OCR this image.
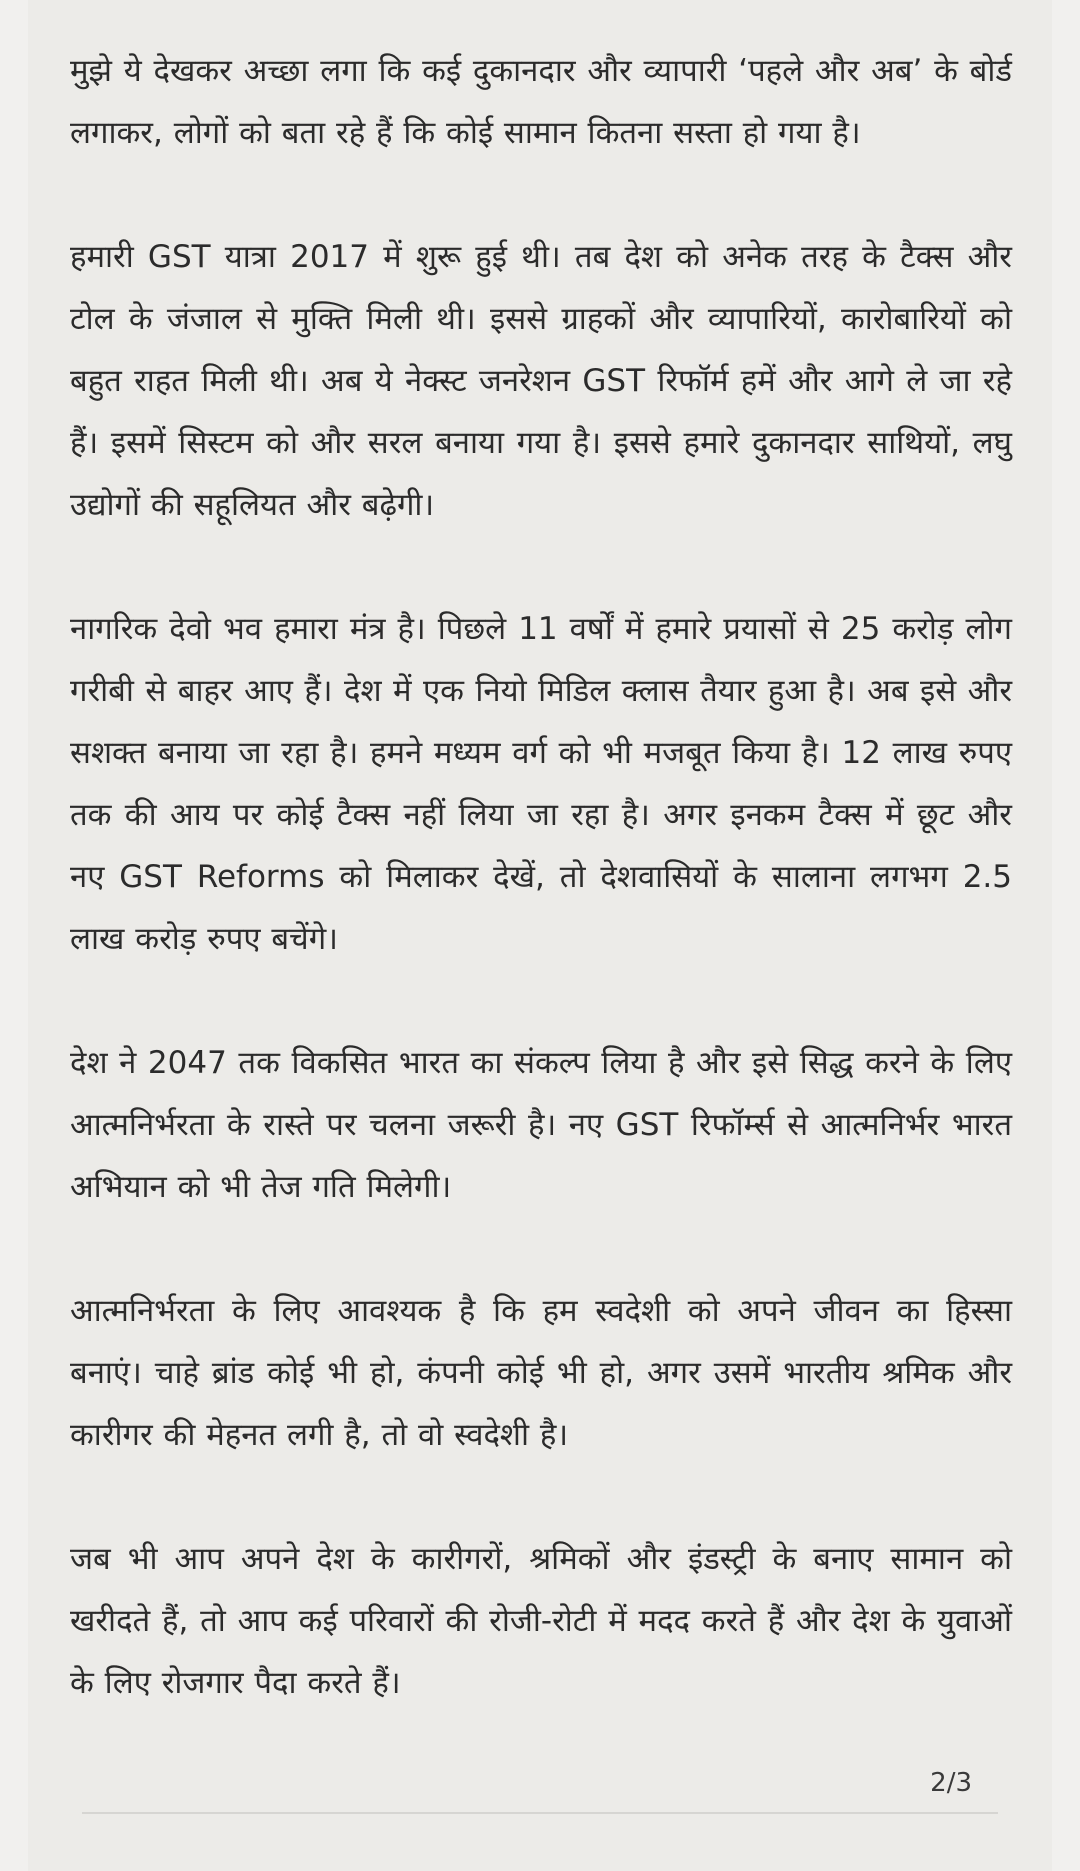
मुझे ये देखकर अच्छा लगा कि कई दुकानदार और व्यापारी ‘पहले और अब’ के बोर्ड लगाकर, लोगों को बता रहे हैं कि कोई सामान कितना सस्ता हो गया है।

हमारी GST यात्रा 2017 में शुरू हुई थी। तब देश को अनेक तरह के टैक्स और टोल के जंजाल से मुक्ति मिली थी। इससे ग्राहकों और व्यापारियों, कारोबारियों को बहुत राहत मिली थी। अब ये नेक्स्ट जनरेशन GST रिफॉर्म हमें और आगे ले जा रहे हैं। इसमें सिस्टम को और सरल बनाया गया है। इससे हमारे दुकानदार साथियों, लघु उद्योगों की सहूलियत और बढ़ेगी।

नागरिक देवो भव हमारा मंत्र है। पिछले 11 वर्षों में हमारे प्रयासों से 25 करोड़ लोग गरीबी से बाहर आए हैं। देश में एक नियो मिडिल क्लास तैयार हुआ है। अब इसे और सशक्त बनाया जा रहा है। हमने मध्यम वर्ग को भी मजबूत किया है। 12 लाख रुपए तक की आय पर कोई टैक्स नहीं लिया जा रहा है। अगर इनकम टैक्स में छूट और नए GST Reforms को मिलाकर देखें, तो देशवासियों के सालाना लगभग 2.5 लाख करोड़ रुपए बचेंगे।

देश ने 2047 तक विकसित भारत का संकल्प लिया है और इसे सिद्ध करने के लिए आत्मनिर्भरता के रास्ते पर चलना जरूरी है। नए GST रिफॉर्म्स से आत्मनिर्भर भारत अभियान को भी तेज गति मिलेगी।

आत्मनिर्भरता के लिए आवश्यक है कि हम स्वदेशी को अपने जीवन का हिस्सा बनाएं। चाहे ब्रांड कोई भी हो, कंपनी कोई भी हो, अगर उसमें भारतीय श्रमिक और कारीगर की मेहनत लगी है, तो वो स्वदेशी है।

जब भी आप अपने देश के कारीगरों, श्रमिकों और इंडस्ट्री के बनाए सामान को खरीदते हैं, तो आप कई परिवारों की रोजी-रोटी में मदद करते हैं और देश के युवाओं के लिए रोजगार पैदा करते हैं।

2/3
